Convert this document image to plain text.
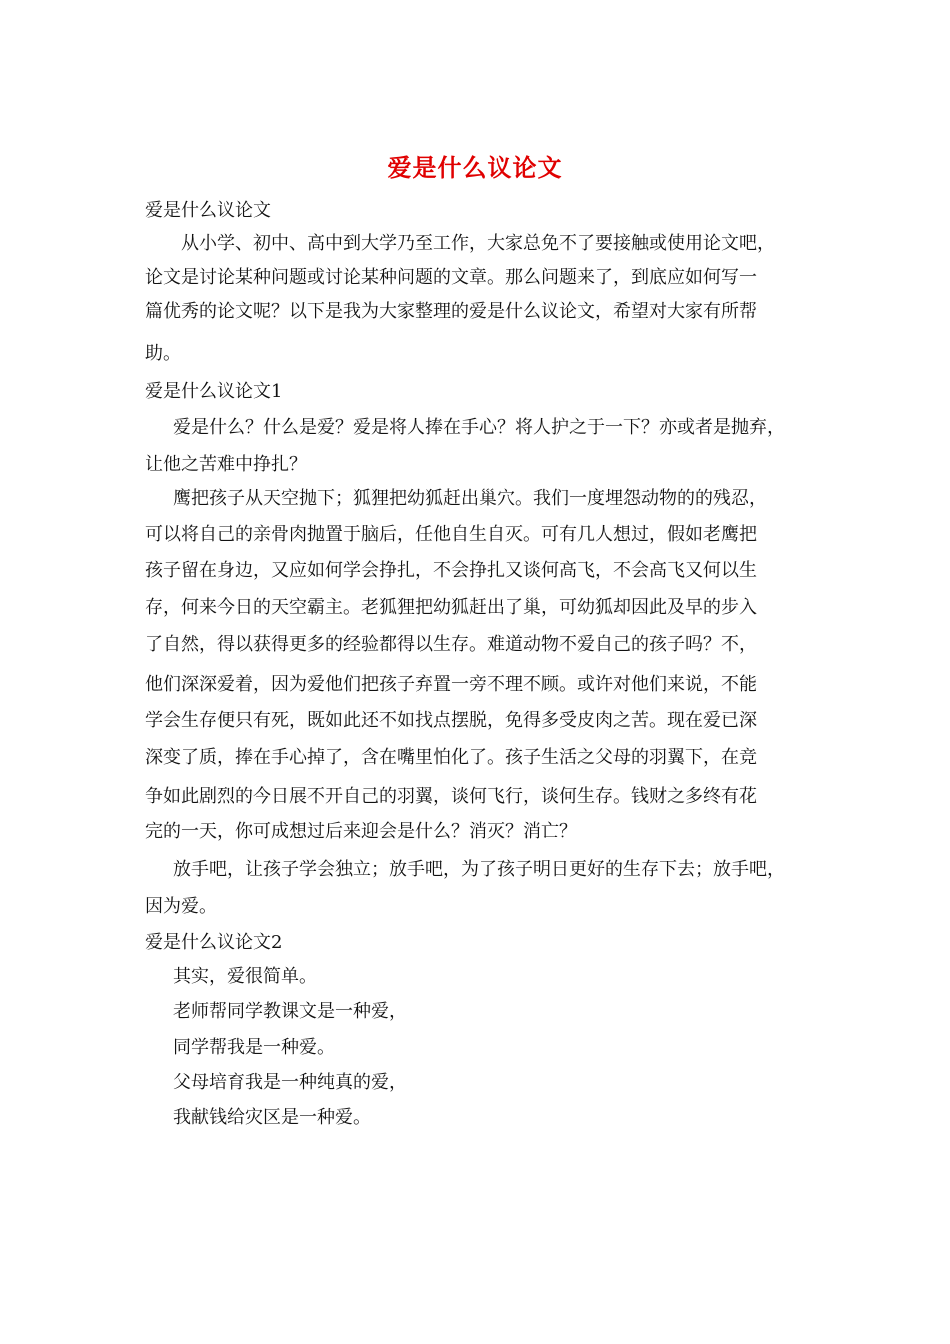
爱是什么议论文
爱是什么议论文
从小学、初中、高中到大学乃至工作，大家总免不了要接触或使用论文吧，
论文是讨论某种问题或讨论某种问题的文章。那么问题来了，到底应如何写一
篇优秀的论文呢？以下是我为大家整理的爱是什么议论文，希望对大家有所帮
助。
爱是什么议论文1
爱是什么？什么是爱？爱是将人捧在手心？将人护之于一下？亦或者是抛弃，
让他之苦难中挣扎？
鹰把孩子从天空抛下；狐狸把幼狐赶出巢穴。我们一度埋怨动物的的残忍，
可以将自己的亲骨肉抛置于脑后，任他自生自灭。可有几人想过，假如老鹰把
孩子留在身边，又应如何学会挣扎，不会挣扎又谈何高飞，不会高飞又何以生
存，何来今日的天空霸主。老狐狸把幼狐赶出了巢，可幼狐却因此及早的步入
了自然，得以获得更多的经验都得以生存。难道动物不爱自己的孩子吗？不，
他们深深爱着，因为爱他们把孩子弃置一旁不理不顾。或许对他们来说，不能
学会生存便只有死，既如此还不如找点摆脱，免得多受皮肉之苦。现在爱已深
深变了质，捧在手心掉了，含在嘴里怕化了。孩子生活之父母的羽翼下，在竞
争如此剧烈的今日展不开自己的羽翼，谈何飞行，谈何生存。钱财之多终有花
完的一天，你可成想过后来迎会是什么？消灭？消亡？
放手吧，让孩子学会独立；放手吧，为了孩子明日更好的生存下去；放手吧，
因为爱。
爱是什么议论文2
其实，爱很简单。
老师帮同学教课文是一种爱，
同学帮我是一种爱。
父母培育我是一种纯真的爱，
我献钱给灾区是一种爱。
